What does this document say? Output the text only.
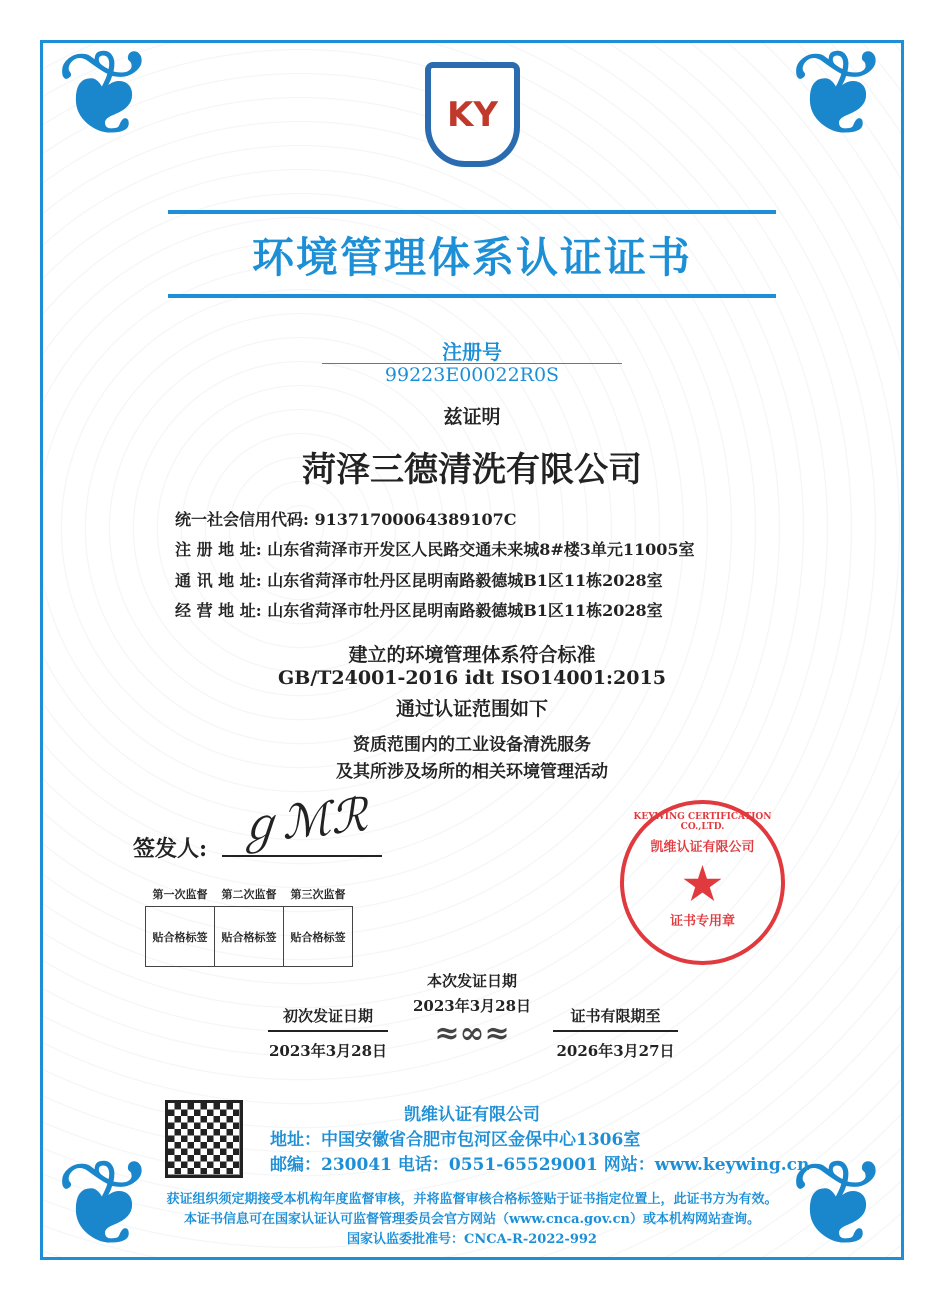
❦	❦
❦	❦
KY
环境管理体系认证证书
注册号
99223E00022R0S
兹证明
菏泽三德清洗有限公司
统一社会信用代码: 91371700064389107C
注 册 地 址: 山东省菏泽市开发区人民路交通未来城8#楼3单元11005室
通 讯 地 址: 山东省菏泽市牡丹区昆明南路毅德城B1区11栋2028室
经 营 地 址: 山东省菏泽市牡丹区昆明南路毅德城B1区11栋2028室
建立的环境管理体系符合标准
GB/T24001-2016 idt ISO14001:2015
通过认证范围如下
资质范围内的工业设备清洗服务
及其所涉及场所的相关环境管理活动
签发人: ℊℳℛ
第一次监督	第二次监督	第三次监督
贴合格标签	贴合格标签	贴合格标签
KEYWING CERTIFICATION CO.,LTD.
凯维认证有限公司
★
证书专用章
初次发证日期
2023年3月28日
本次发证日期
2023年3月28日
≈∞≈	证书有限期至
2026年3月27日
凯维认证有限公司
地址：中国安徽省合肥市包河区金保中心1306室
邮编：230041 电话：0551-65529001 网站：www.keywing.cn
获证组织须定期接受本机构年度监督审核，并将监督审核合格标签贴于证书指定位置上，此证书方为有效。
本证书信息可在国家认证认可监督管理委员会官方网站（www.cnca.gov.cn）或本机构网站查询。
国家认监委批准号：CNCA-R-2022-992
